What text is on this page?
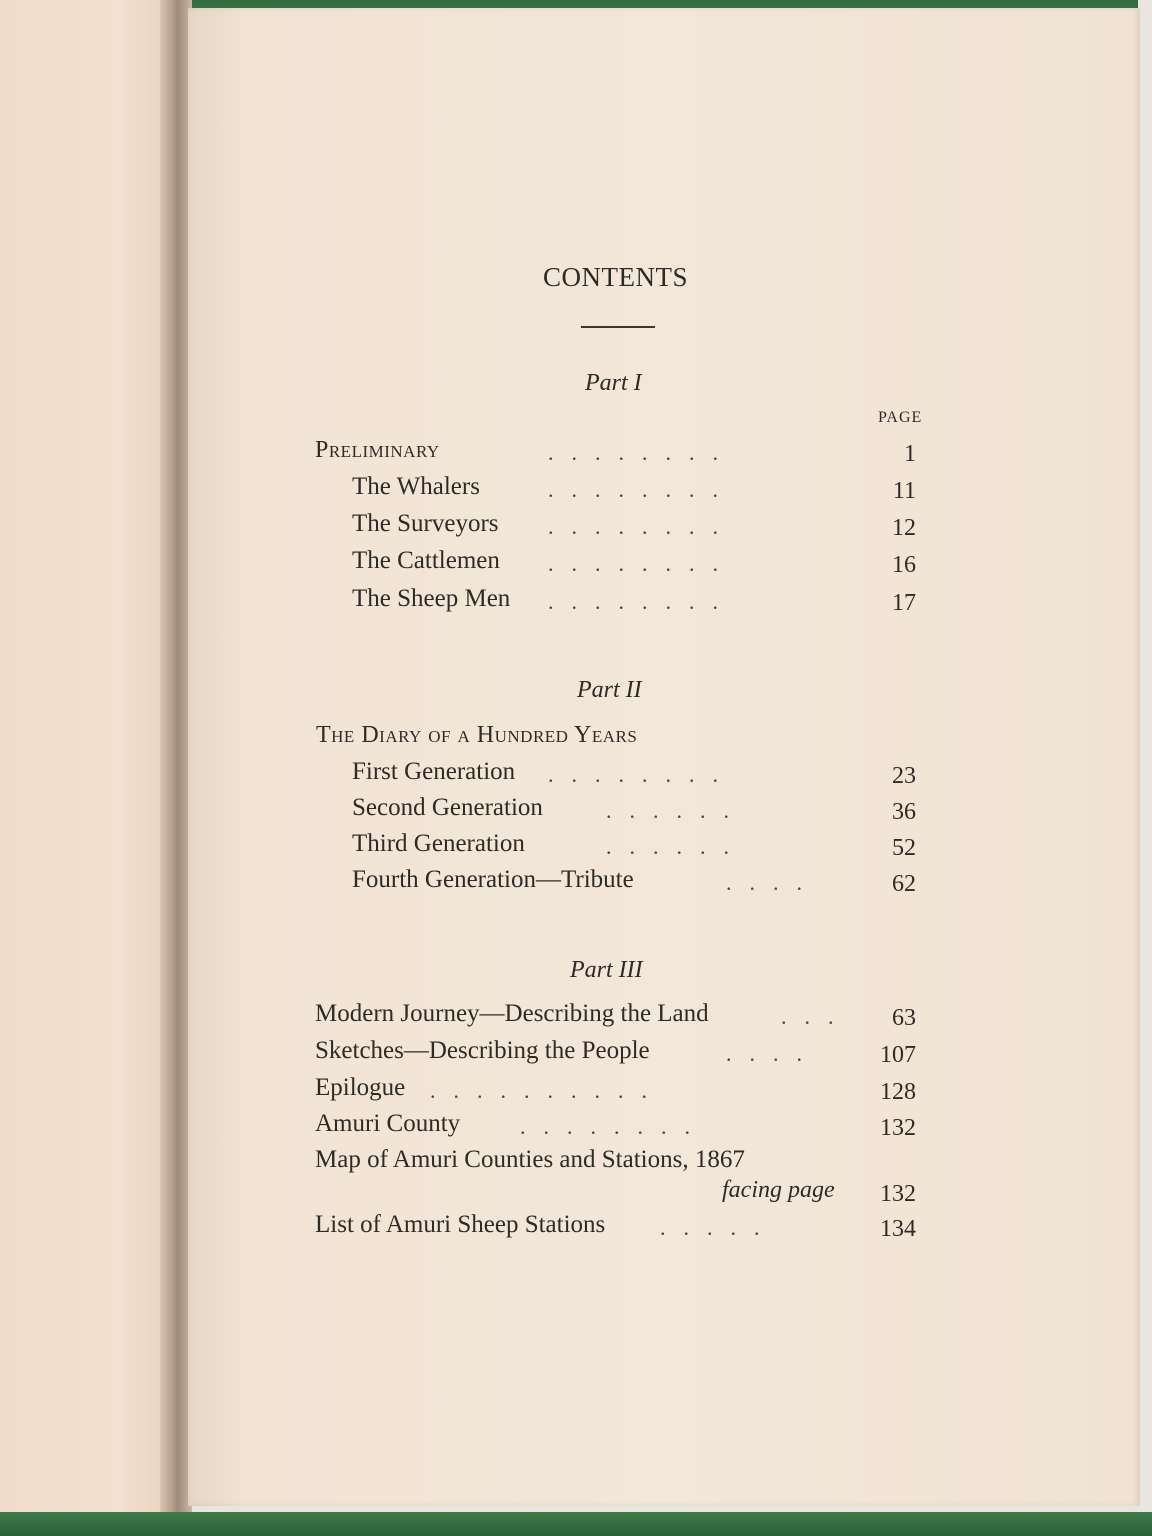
CONTENTS
Part I
PAGE
Preliminary	........	1
The Whalers	........	11
The Surveyors ........	12
The Cattlemen ........	16
The Sheep Men ........	17
Part II
The Diary of a Hundred Years
First Generation ........	23
Second Generation	......	36
Third Generation	......	52
Fourth Generation—Tribute	....	62
Part III
Modern Journey—Describing the Land	...	63
Sketches—Describing the People	....	107
Epilogue ..........	128
Amuri County	........	132
Map of Amuri Counties and Stations, 1867
facing page	132
List of Amuri Sheep Stations .....	134
